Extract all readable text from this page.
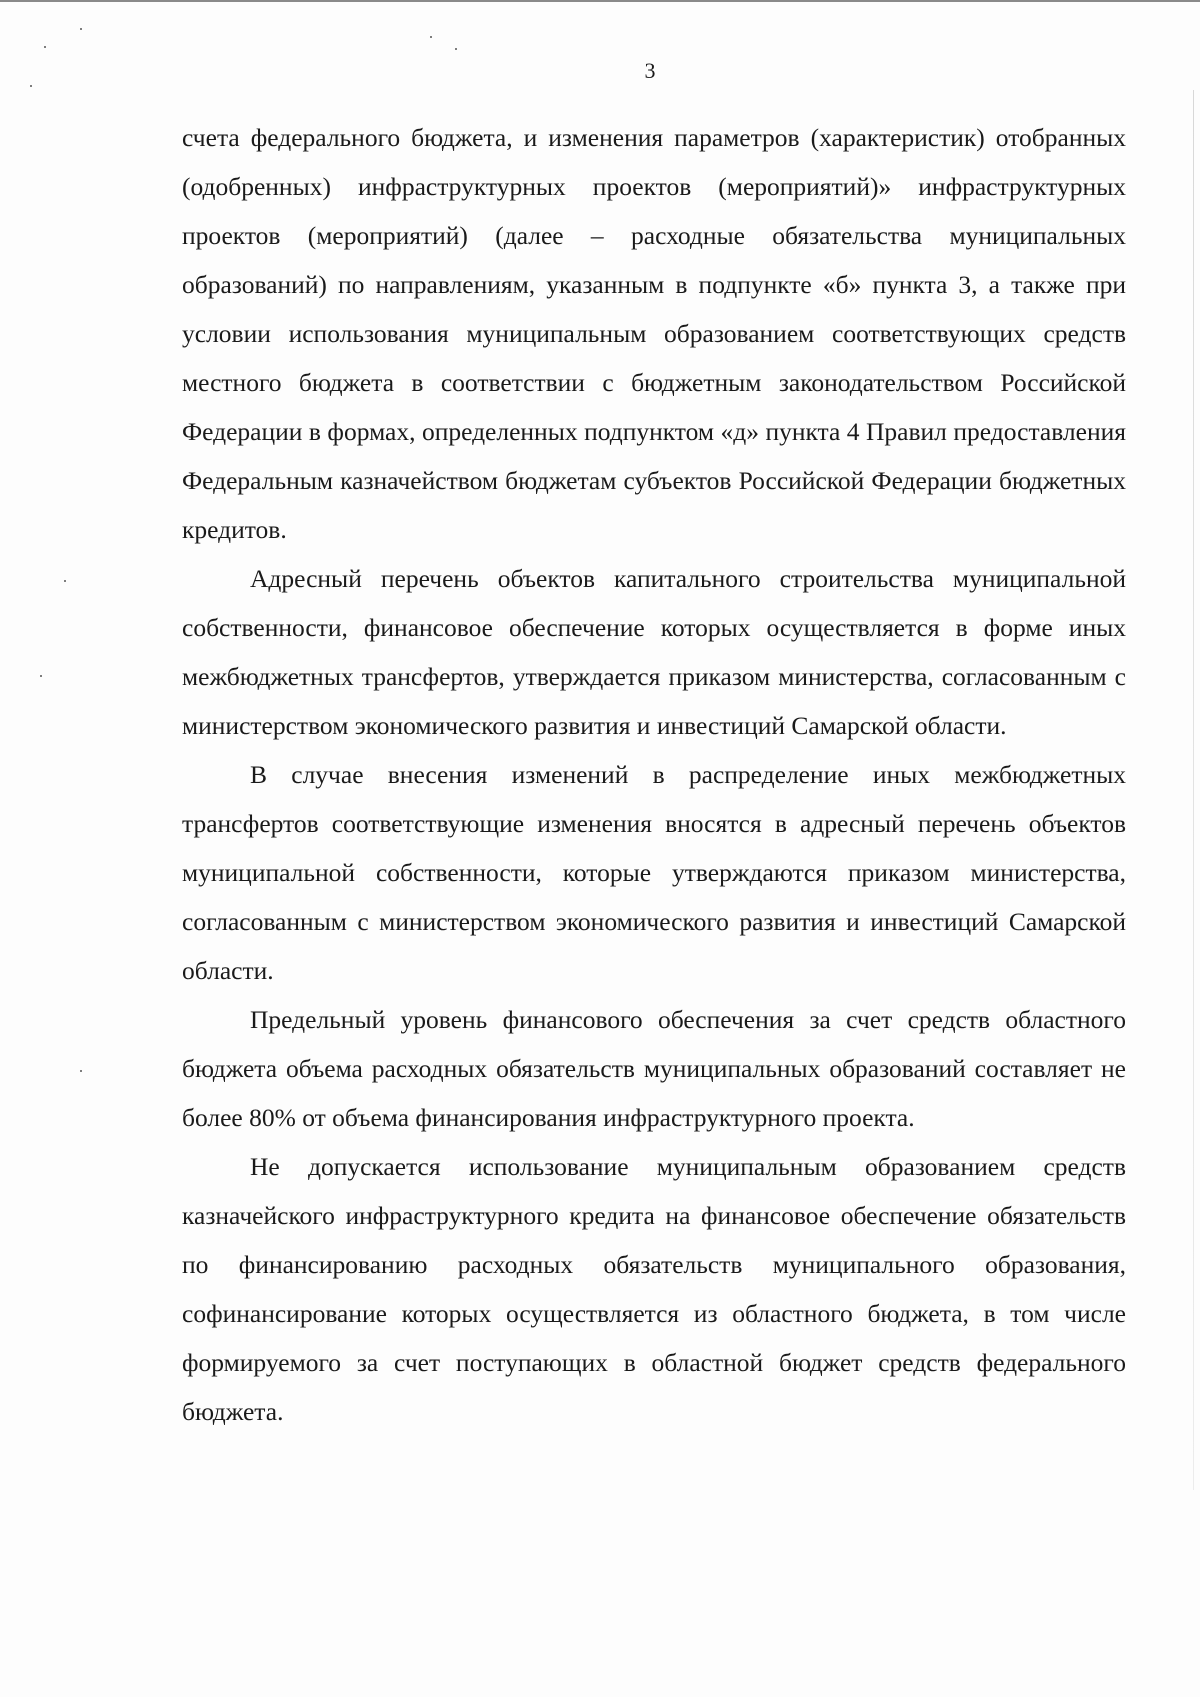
3

счета федерального бюджета, и изменения параметров (характеристик) отобранных (одобренных) инфраструктурных проектов (мероприятий)» инфраструктурных проектов (мероприятий) (далее – расходные обязательства муниципальных образований) по направлениям, указанным в подпункте «б» пункта 3, а также при условии использования муниципальным образованием соответствующих средств местного бюджета в соответствии с бюджетным законодательством Российской Федерации в формах, определенных подпунктом «д» пункта 4 Правил предоставления Федеральным казначейством бюджетам субъектов Российской Федерации бюджетных кредитов.

Адресный перечень объектов капитального строительства муниципальной собственности, финансовое обеспечение которых осуществляется в форме иных межбюджетных трансфертов, утверждается приказом министерства, согласованным с министерством экономического развития и инвестиций Самарской области.

В случае внесения изменений в распределение иных межбюджетных трансфертов соответствующие изменения вносятся в адресный перечень объектов муниципальной собственности, которые утверждаются приказом министерства, согласованным с министерством экономического развития и инвестиций Самарской области.

Предельный уровень финансового обеспечения за счет средств областного бюджета объема расходных обязательств муниципальных образований составляет не более 80% от объема финансирования инфраструктурного проекта.

Не допускается использование муниципальным образованием средств казначейского инфраструктурного кредита на финансовое обеспечение обязательств по финансированию расходных обязательств муниципального образования, софинансирование которых осуществляется из областного бюджета, в том числе формируемого за счет поступающих в областной бюджет средств федерального бюджета.
